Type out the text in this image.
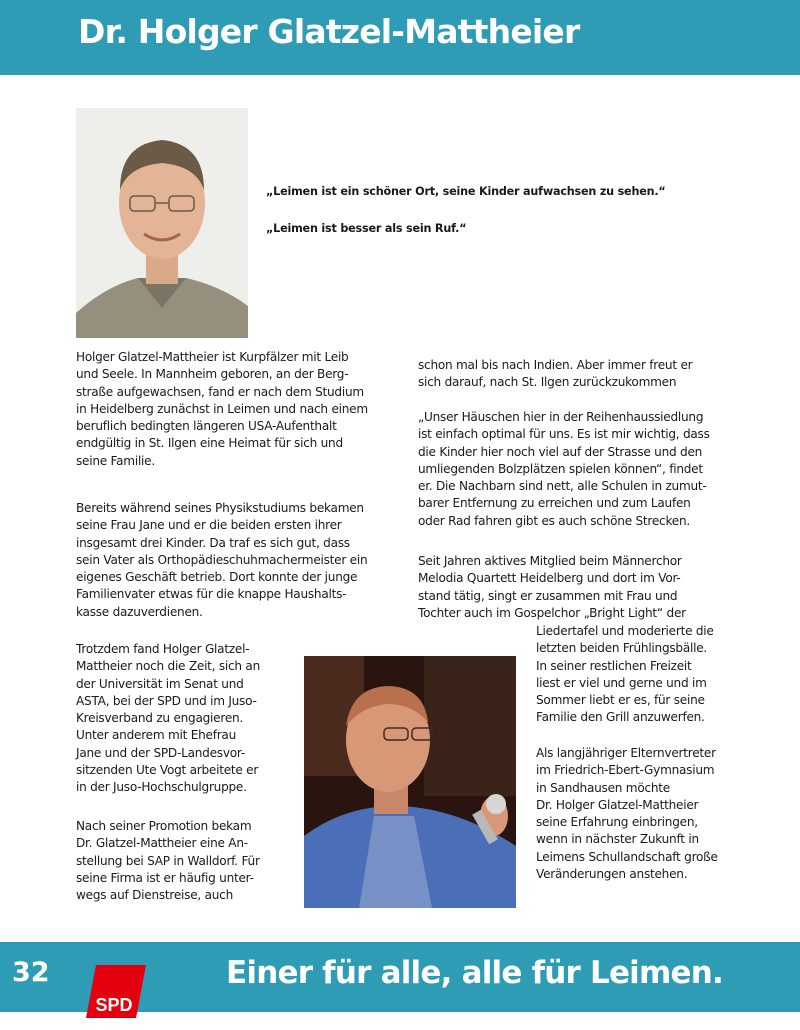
Dr. Holger Glatzel-Mattheier
„Leimen ist ein schöner Ort, seine Kinder aufwachsen zu sehen.“
„Leimen ist besser als sein Ruf.“
Holger Glatzel-Mattheier ist Kurpfälzer mit Leib
und Seele. In Mannheim geboren, an der Berg-
straße aufgewachsen, fand er nach dem Studium
in Heidelberg zunächst in Leimen und nach einem
beruflich bedingten längeren USA-Aufenthalt
endgültig in St. Ilgen eine Heimat für sich und
seine Familie.
Bereits während seines Physikstudiums bekamen
seine Frau Jane und er die beiden ersten ihrer
insgesamt drei Kinder. Da traf es sich gut, dass
sein Vater als Orthopädieschuhmachermeister ein
eigenes Geschäft betrieb. Dort konnte der junge
Familienvater etwas für die knappe Haushalts-
kasse dazuverdienen.
Trotzdem fand Holger Glatzel-
Mattheier noch die Zeit, sich an
der Universität im Senat und
ASTA, bei der SPD und im Juso-
Kreisverband zu engagieren.
Unter anderem mit Ehefrau
Jane und der SPD-Landesvor-
sitzenden Ute Vogt arbeitete er
in der Juso-Hochschulgruppe.
Nach seiner Promotion bekam
Dr. Glatzel-Mattheier eine An-
stellung bei SAP in Walldorf. Für
seine Firma ist er häufig unter-
wegs auf Dienstreise, auch
schon mal bis nach Indien. Aber immer freut er
sich darauf, nach St. Ilgen zurückzukommen
„Unser Häuschen hier in der Reihenhaussiedlung
ist einfach optimal für uns. Es ist mir wichtig, dass
die Kinder hier noch viel auf der Strasse und den
umliegenden Bolzplätzen spielen können“, findet
er. Die Nachbarn sind nett, alle Schulen in zumut-
barer Entfernung zu erreichen und zum Laufen
oder Rad fahren gibt es auch schöne Strecken.
Seit Jahren aktives Mitglied beim Männerchor
Melodia Quartett Heidelberg und dort im Vor-
stand tätig, singt er zusammen mit Frau und
Tochter auch im Gospelchor „Bright Light“ der
Liedertafel und moderierte die
letzten beiden Frühlingsbälle.
In seiner restlichen Freizeit
liest er viel und gerne und im
Sommer liebt er es, für seine
Familie den Grill anzuwerfen.
Als langjähriger Elternvertreter
im Friedrich-Ebert-Gymnasium
in Sandhausen möchte
Dr. Holger Glatzel-Mattheier
seine Erfahrung einbringen,
wenn in nächster Zukunft in
Leimens Schullandschaft große
Veränderungen anstehen.
32
SPD
Einer für alle, alle für Leimen.
